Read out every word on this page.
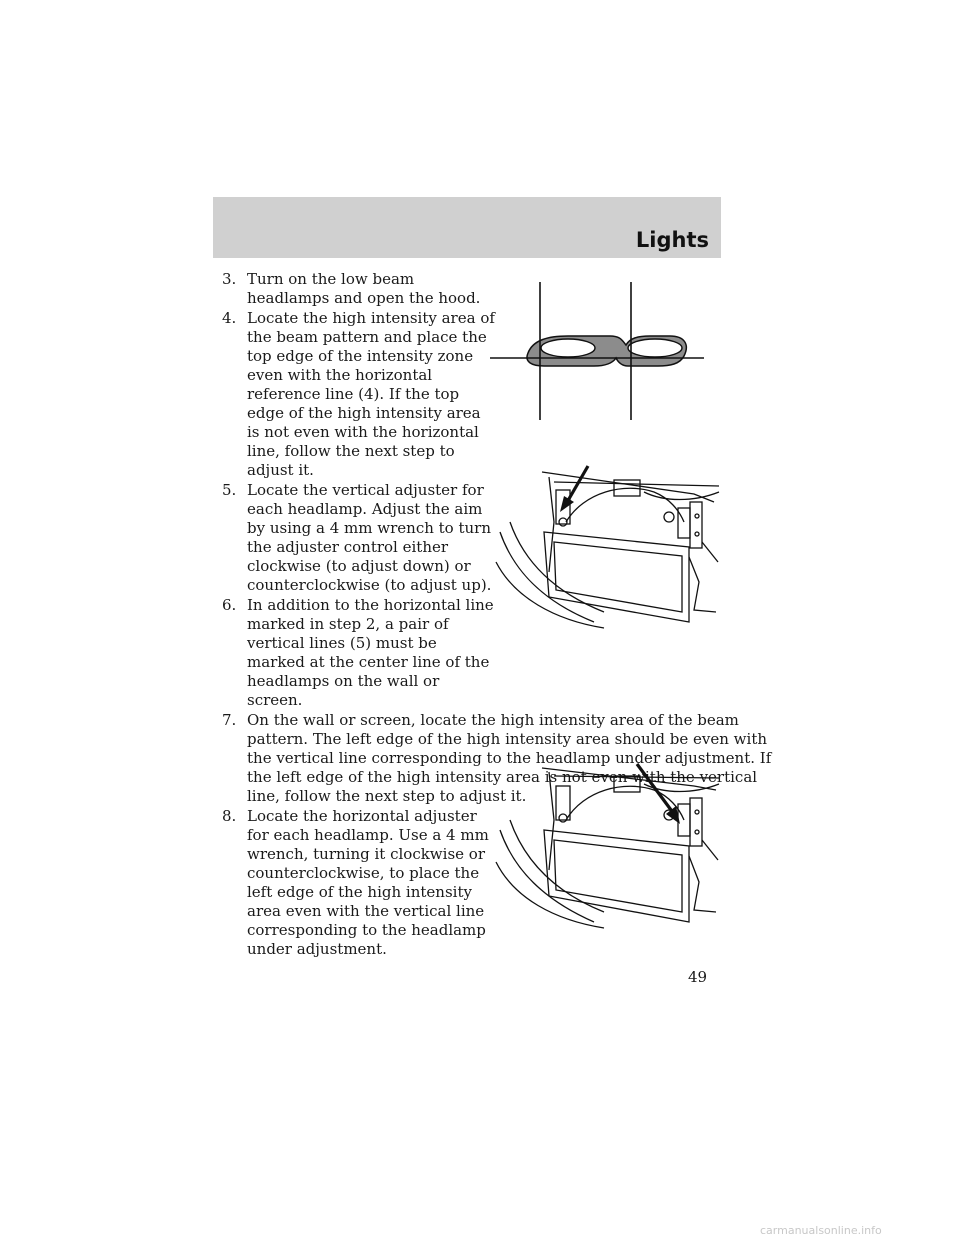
Lights
3. Turn on the low beam
headlamps and open the hood.
4. Locate the high intensity area of
the beam pattern and place the
top edge of the intensity zone
even with the horizontal
reference line (4). If the top
edge of the high intensity area
is not even with the horizontal
line, follow the next step to
adjust it.
5. Locate the vertical adjuster for
each headlamp. Adjust the aim
by using a 4 mm wrench to turn
the adjuster control either
clockwise (to adjust down) or
counterclockwise (to adjust up).
6. In addition to the horizontal line
marked in step 2, a pair of
vertical lines (5) must be
marked at the center line of the
headlamps on the wall or
screen.
7. On the wall or screen, locate the high intensity area of the beam
pattern. The left edge of the high intensity area should be even with
the vertical line corresponding to the headlamp under adjustment. If
the left edge of the high intensity area is not even with the vertical
line, follow the next step to adjust it.
8. Locate the horizontal adjuster
for each headlamp. Use a 4 mm
wrench, turning it clockwise or
counterclockwise, to place the
left edge of the high intensity
area even with the vertical line
corresponding to the headlamp
under adjustment.
49
carmanualsonline.info
